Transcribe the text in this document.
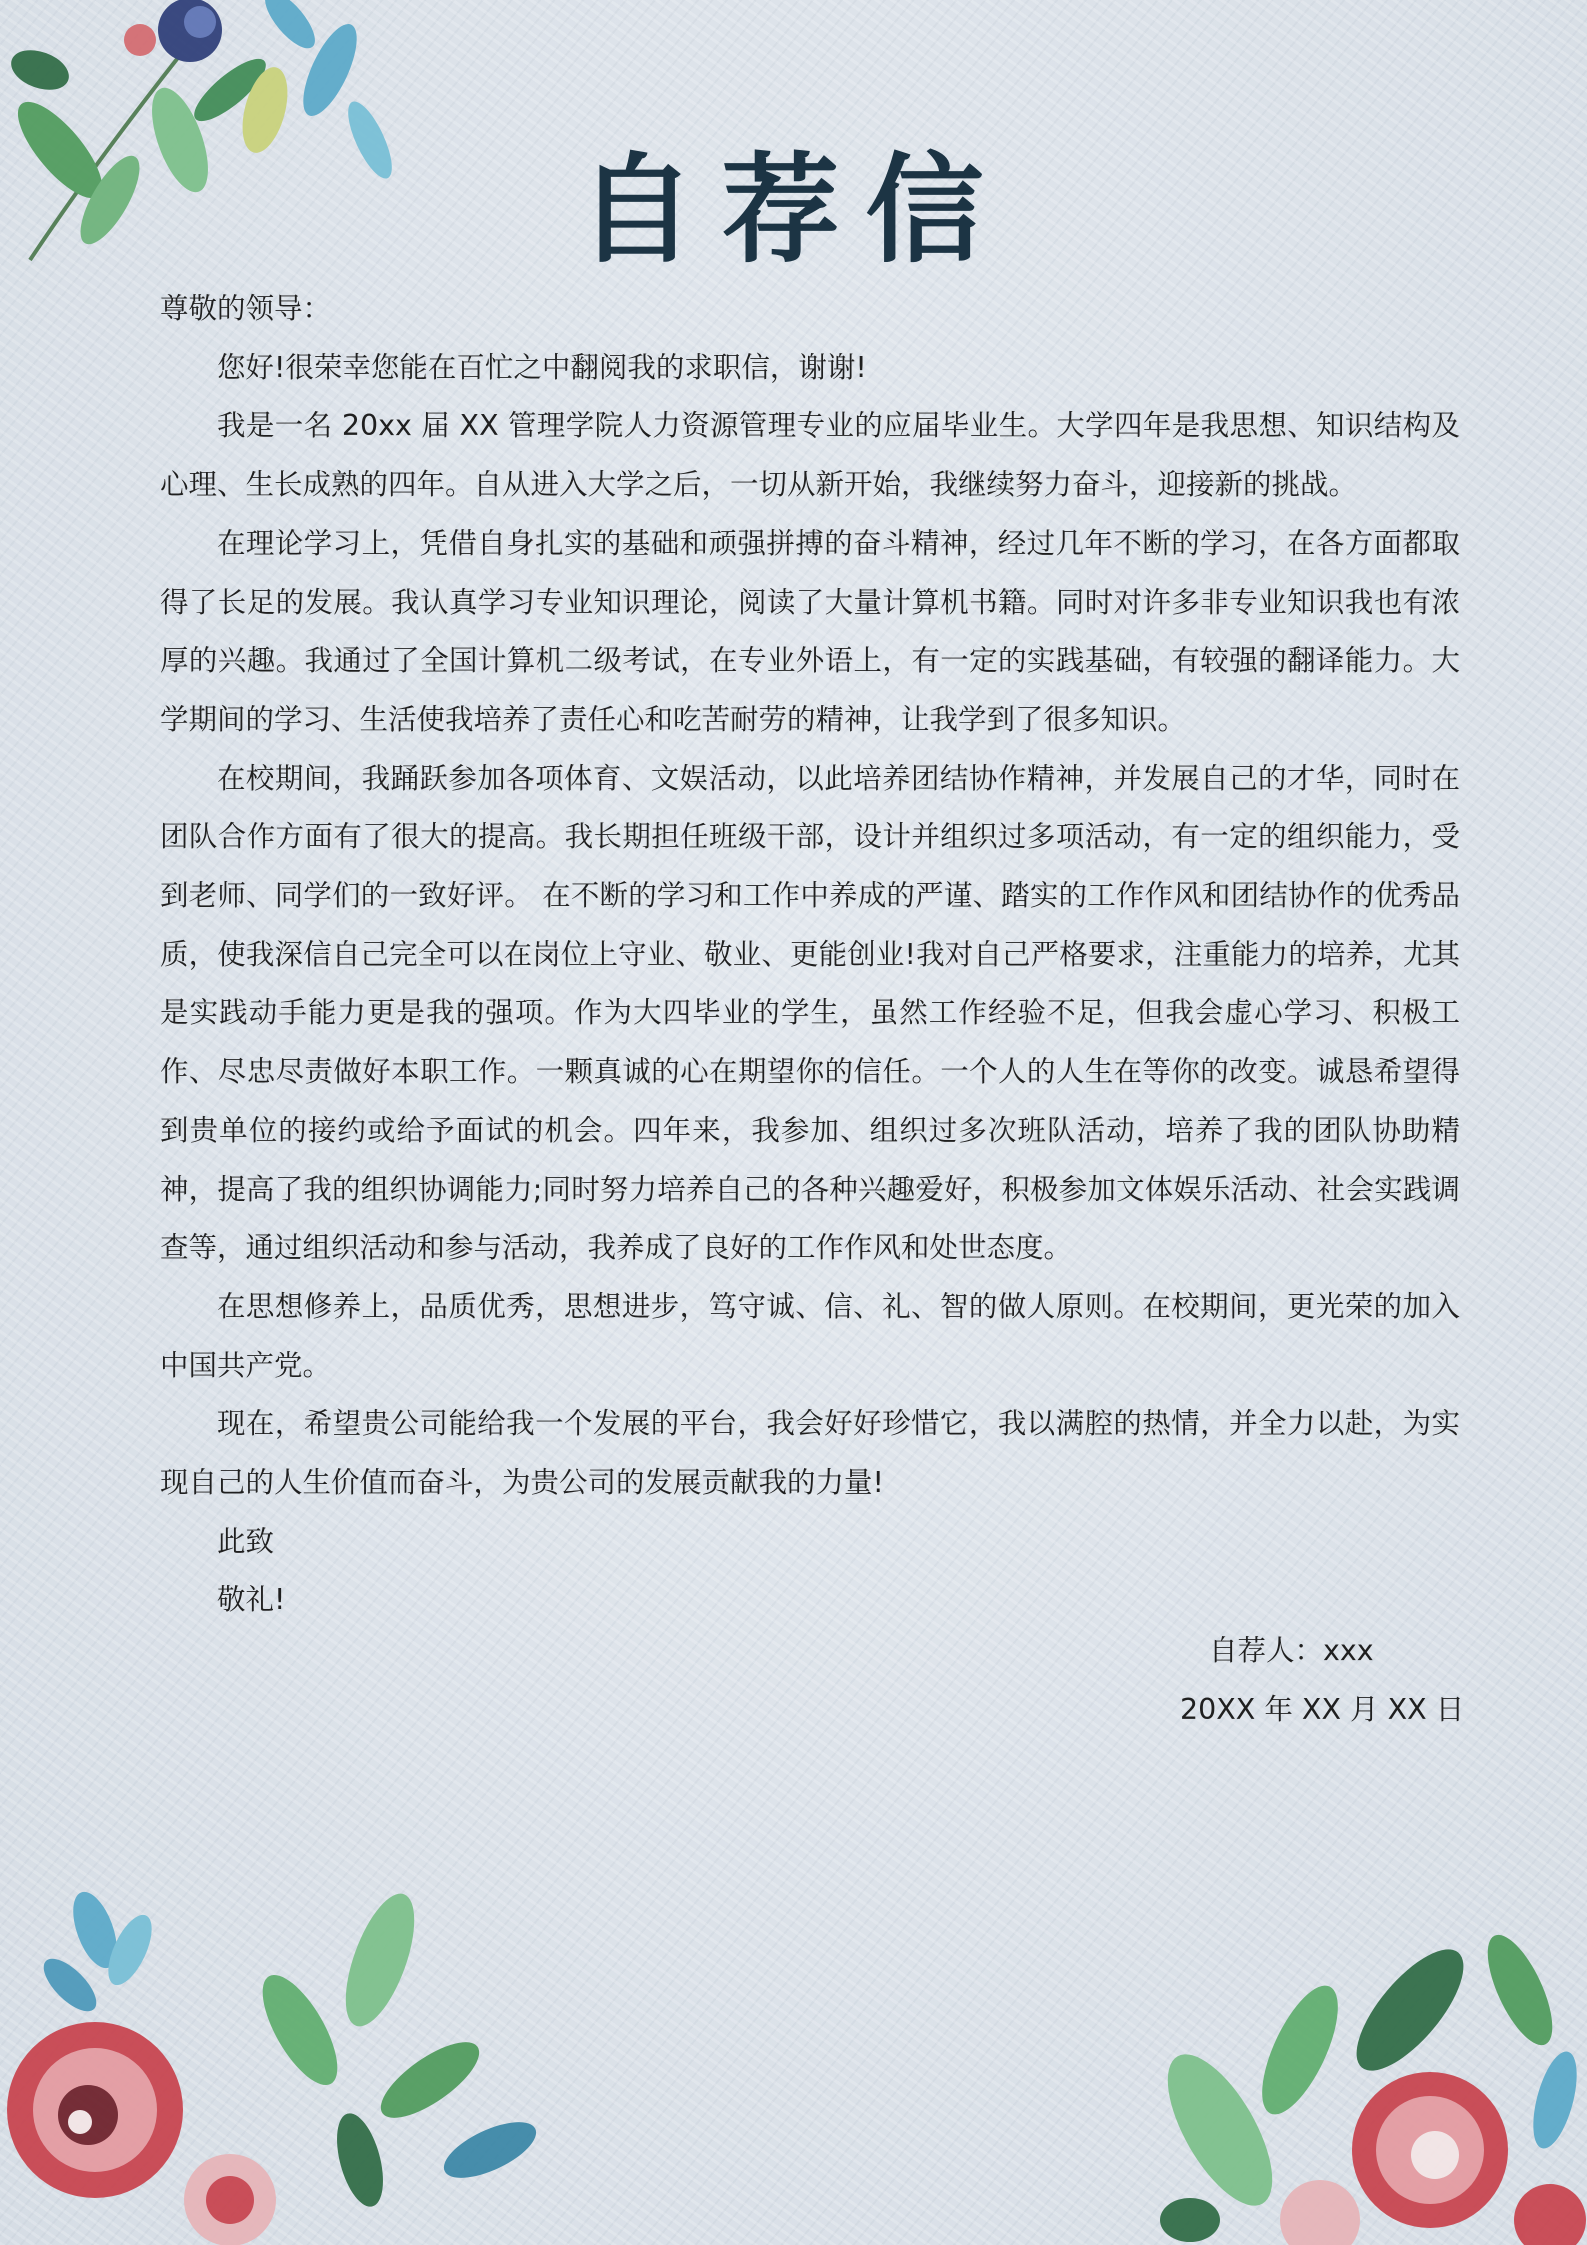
自荐信

尊敬的领导：

您好!很荣幸您能在百忙之中翻阅我的求职信，谢谢!

我是一名 20xx 届 XX 管理学院人力资源管理专业的应届毕业生。大学四年是我思想、知识结构及心理、生长成熟的四年。自从进入大学之后，一切从新开始，我继续努力奋斗，迎接新的挑战。

在理论学习上，凭借自身扎实的基础和顽强拼搏的奋斗精神，经过几年不断的学习，在各方面都取得了长足的发展。我认真学习专业知识理论，阅读了大量计算机书籍。同时对许多非专业知识我也有浓厚的兴趣。我通过了全国计算机二级考试，在专业外语上，有一定的实践基础，有较强的翻译能力。大学期间的学习、生活使我培养了责任心和吃苦耐劳的精神，让我学到了很多知识。

在校期间，我踊跃参加各项体育、文娱活动，以此培养团结协作精神，并发展自己的才华，同时在团队合作方面有了很大的提高。我长期担任班级干部，设计并组织过多项活动，有一定的组织能力，受到老师、同学们的一致好评。 在不断的学习和工作中养成的严谨、踏实的工作作风和团结协作的优秀品质，使我深信自己完全可以在岗位上守业、敬业、更能创业!我对自己严格要求，注重能力的培养，尤其是实践动手能力更是我的强项。作为大四毕业的学生，虽然工作经验不足，但我会虚心学习、积极工作、尽忠尽责做好本职工作。一颗真诚的心在期望你的信任。一个人的人生在等你的改变。诚恳希望得到贵单位的接约或给予面试的机会。四年来，我参加、组织过多次班队活动，培养了我的团队协助精神，提高了我的组织协调能力;同时努力培养自己的各种兴趣爱好，积极参加文体娱乐活动、社会实践调查等，通过组织活动和参与活动，我养成了良好的工作作风和处世态度。

在思想修养上，品质优秀，思想进步，笃守诚、信、礼、智的做人原则。在校期间，更光荣的加入中国共产党。

现在，希望贵公司能给我一个发展的平台，我会好好珍惜它，我以满腔的热情，并全力以赴，为实现自己的人生价值而奋斗，为贵公司的发展贡献我的力量!

此致

敬礼!

自荐人：xxx
20XX 年 XX 月 XX 日
